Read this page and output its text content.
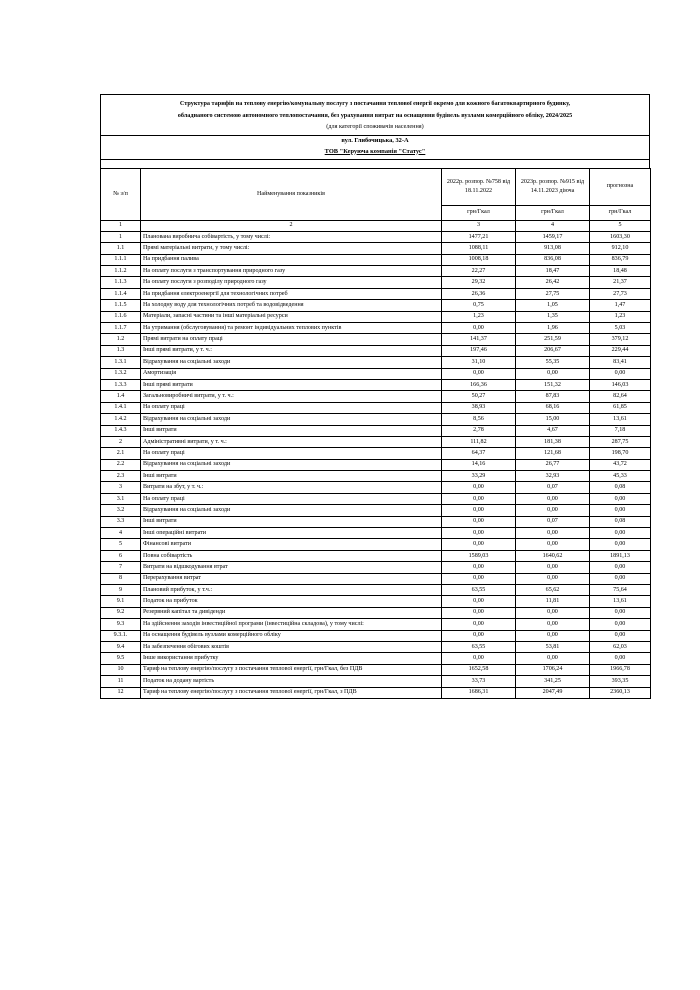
Структура тарифів на теплову енергію/комунальну послугу з постачання теплової енергії окремо для кожного багатоквартирного будинку,
обладнаного системою автономного теплопостачання, без урахування витрат на оснащення будівель вузлами комерційного обліку, 2024/2025
(для категорії споживачів населення)
вул. Глибочицька, 32-А
ТОВ "Керуюча компанія "Статус"
№ з/п	Найменування показників	2022р. розпор. №758 від 18.11.2022	2023р. розпор. №915 від 14.11.2023 діюча	прогнозна
		грн/Гкал	грн/Гкал	грн/Гкал
1	2	3	4	5
1	Планована виробнича собівартість, у тому числі:	1477,21	1459,17	1603,30
1.1	Прямі матеріальні витрати, у тому числі:	1088,11	913,08	912,10
1.1.1	На придбання палива	1008,18	836,08	836,79
1.1.2	На оплату послуги з транспортування природного газу	22,27	18,47	18,48
1.1.3	На оплату послуги з розподілу природного газу	29,32	26,42	21,37
1.1.4	На придбання електроенергії для технологічних потреб	26,36	27,75	27,73
1.1.5	На холодну воду для технологічних потреб та водовідведення	0,75	1,05	1,47
1.1.6	Матеріали, запасні частини та інші матеріальні ресурси	1,23	1,35	1,23
1.1.7	На утримання (обслуговування) та ремонт індивідуальних теплових пунктів	0,00	1,96	5,03
1.2	Прямі витрати на оплату праці	141,37	251,59	379,12
1.3	Інші прямі витрати, у т. ч.:	197,46	206,67	229,44
1.3.1	Відрахування на соціальні заходи	31,10	55,35	83,41
1.3.2	Амортизація	0,00	0,00	0,00
1.3.3	Інші прямі витрати	166,36	151,32	146,03
1.4	Загальновиробничі витрати, у т. ч.:	50,27	87,83	82,64
1.4.1	На оплату праці	38,93	68,16	61,85
1.4.2	Відрахування на соціальні заходи	8,56	15,00	13,61
1.4.3	Інші витрати	2,78	4,67	7,18
2	Адміністративні витрати, у т. ч.:	111,82	181,38	287,75
2.1	На оплату праці	64,37	121,68	198,70
2.2	Відрахування на соціальні заходи	14,16	26,77	43,72
2.3	Інші витрати	33,29	32,93	45,33
3	Витрати на збут, у т. ч.:	0,00	0,07	0,08
3.1	На оплату праці	0,00	0,00	0,00
3.2	Відрахування на соціальні заходи	0,00	0,00	0,00
3.3	Інші витрати	0,00	0,07	0,08
4	Інші операційні витрати	0,00	0,00	0,00
5	Фінансові витрати	0,00	0,00	0,00
6	Повна собівартість	1589,03	1640,62	1891,13
7	Витрати на відшкодування втрат	0,00	0,00	0,00
8	Перерахування витрат	0,00	0,00	0,00
9	Плановий прибуток, у т.ч.:	63,55	65,62	75,64
9.1	Податок на прибуток	0,00	11,81	13,61
9.2	Резервний капітал та дивіденди	0,00	0,00	0,00
9.3	На здійснення заходів інвестиційної програми (інвестиційна складова), у тому числі:	0,00	0,00	0,00
9.3.1.	На оснащення будівель вузлами комерційного обліку	0,00	0,00	0,00
9.4	На забезпечення обігових коштів	63,55	53,81	62,03
9.5	Інше використання прибутку	0,00	0,00	0,00
10	Тариф на теплову енергію/послугу з постачання теплової енергії, грн/Гкал, без ПДВ	1652,58	1706,24	1966,78
11	Податок на додану вартість	33,73	341,25	393,35
12	Тариф на теплову енергію/послугу з постачання теплової енергії, грн/Гкал, з ПДВ	1686,31	2047,49	2360,13
